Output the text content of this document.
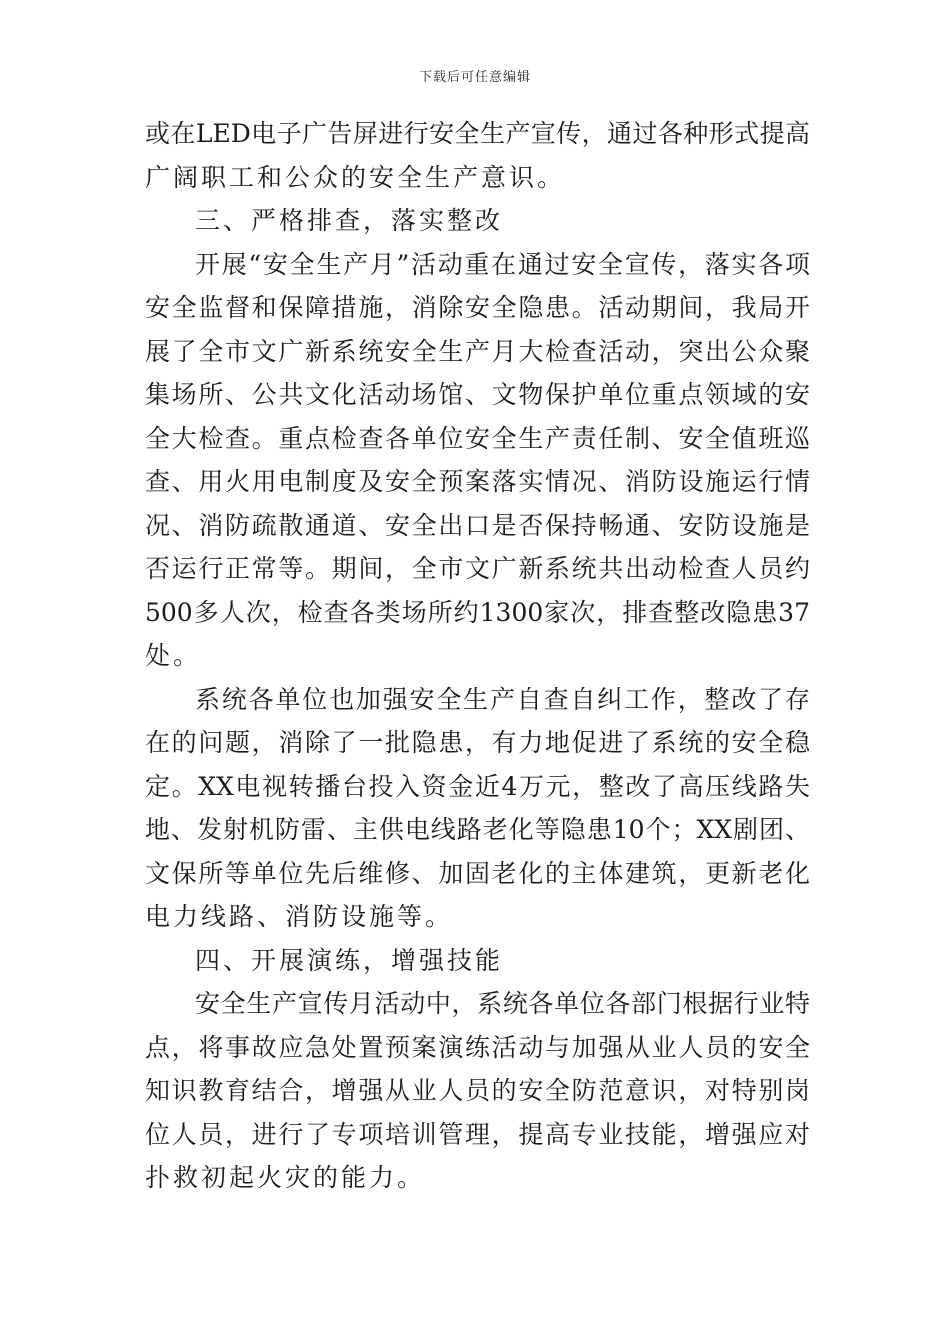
下载后可任意编辑
或在LED电子广告屏进行安全生产宣传，通过各种形式提高
广阔职工和公众的安全生产意识。
三、严格排查，落实整改
开展“安全生产月”活动重在通过安全宣传，落实各项
安全监督和保障措施，消除安全隐患。活动期间，我局开
展了全市文广新系统安全生产月大检查活动，突出公众聚
集场所、公共文化活动场馆、文物保护单位重点领域的安
全大检查。重点检查各单位安全生产责任制、安全值班巡
查、用火用电制度及安全预案落实情况、消防设施运行情
况、消防疏散通道、安全出口是否保持畅通、安防设施是
否运行正常等。期间，全市文广新系统共出动检查人员约
500多人次，检查各类场所约1300家次，排查整改隐患37
处。
系统各单位也加强安全生产自查自纠工作，整改了存
在的问题，消除了一批隐患，有力地促进了系统的安全稳
定。XX电视转播台投入资金近4万元，整改了高压线路失
地、发射机防雷、主供电线路老化等隐患10个；XX剧团、
文保所等单位先后维修、加固老化的主体建筑，更新老化
电力线路、消防设施等。
四、开展演练，增强技能
安全生产宣传月活动中，系统各单位各部门根据行业特
点，将事故应急处置预案演练活动与加强从业人员的安全
知识教育结合，增强从业人员的安全防范意识，对特别岗
位人员，进行了专项培训管理，提高专业技能，增强应对
扑救初起火灾的能力。
